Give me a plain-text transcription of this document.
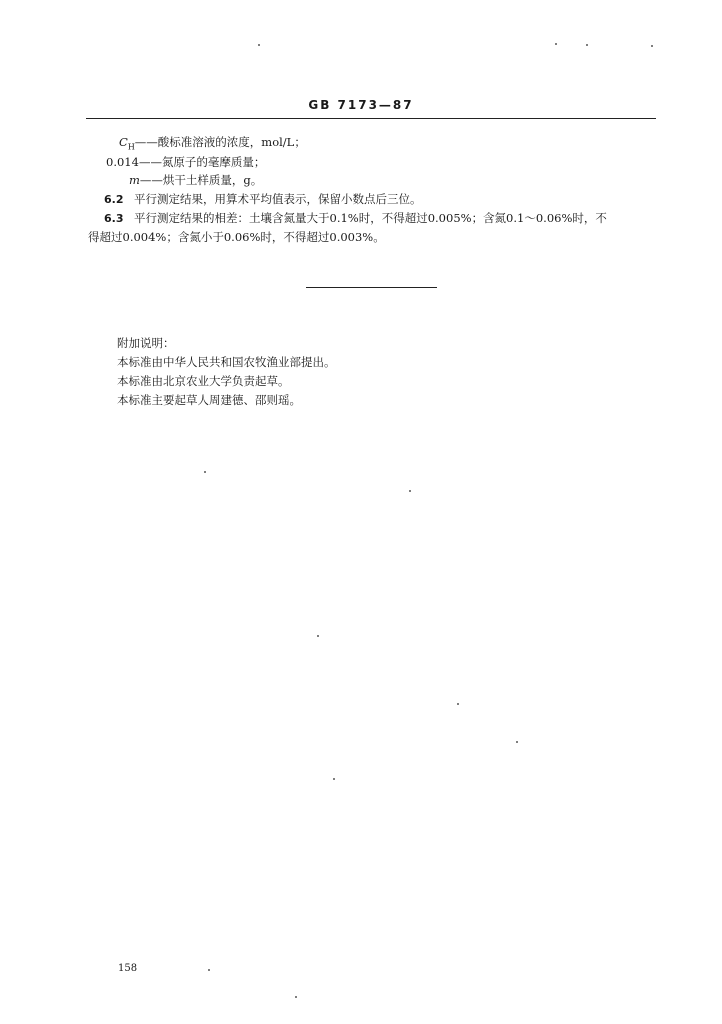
GB 7173—87
$C_H——$酸标准溶液的浓度，mol/L；
0.014——氮原子的毫摩质量；
m——烘干土样质量，g。
6.2 平行测定结果，用算术平均值表示，保留小数点后三位。
6.3 平行测定结果的相差：土壤含氮量大于0.1%时，不得超过0.005%；含氮0.1～0.06%时，不
得超过0.004%；含氮小于0.06%时，不得超过0.003%。
附加说明：
本标准由中华人民共和国农牧渔业部提出。
本标准由北京农业大学负责起草。
本标准主要起草人周建德、邵则瑶。
158
